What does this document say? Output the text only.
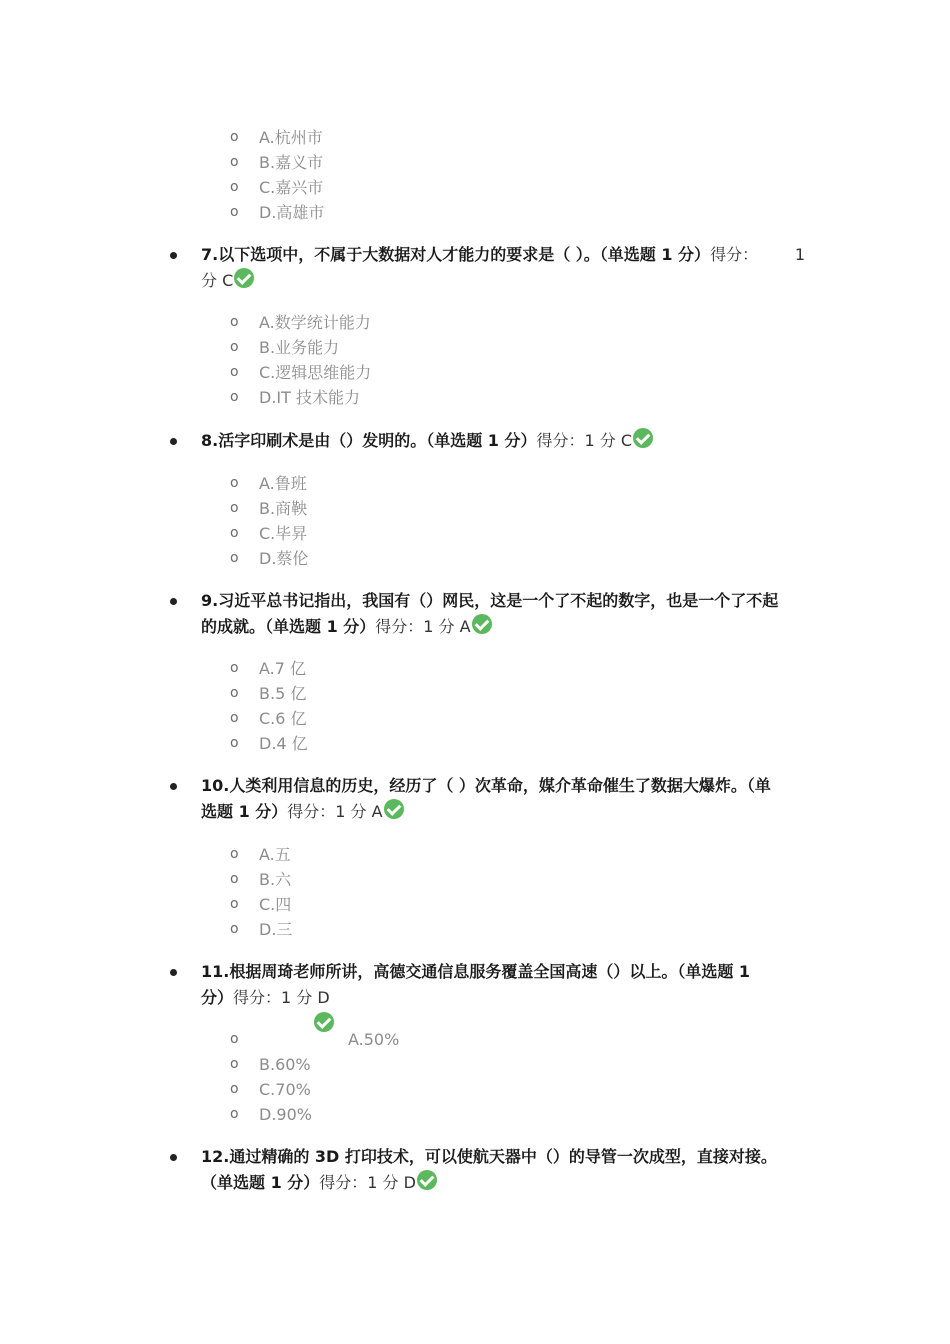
o A.杭州市
o B.嘉义市
o C.嘉兴市
o D.高雄市
7.以下选项中，不属于大数据对人才能力的要求是（ ）。（单选题 1 分）得分： 1

分 C
o A.数学统计能力
o B.业务能力
o C.逻辑思维能力
o D.IT 技术能力
8.活字印刷术是由（）发明的。（单选题 1 分）得分：1 分 C
o A.鲁班
o B.商鞅
o C.毕昇
o D.蔡伦
9.习近平总书记指出，我国有（）网民，这是一个了不起的数字，也是一个了不起
的成就。（单选题 1 分）得分：1 分 A
o A.7 亿
o B.5 亿
o C.6 亿
o D.4 亿
10.人类利用信息的历史，经历了（ ）次革命，媒介革命催生了数据大爆炸。（单
选题 1 分）得分：1 分 A
o A.五
o B.六
o C.四
o D.三
11.根据周琦老师所讲，高德交通信息服务覆盖全国高速（）以上。（单选题 1
分）得分：1 分 D
o	A.50%
o B.60%
o C.70%
o D.90%
12.通过精确的 3D 打印技术，可以使航天器中（）的导管一次成型，直接对接。
（单选题 1 分）得分：1 分 D
